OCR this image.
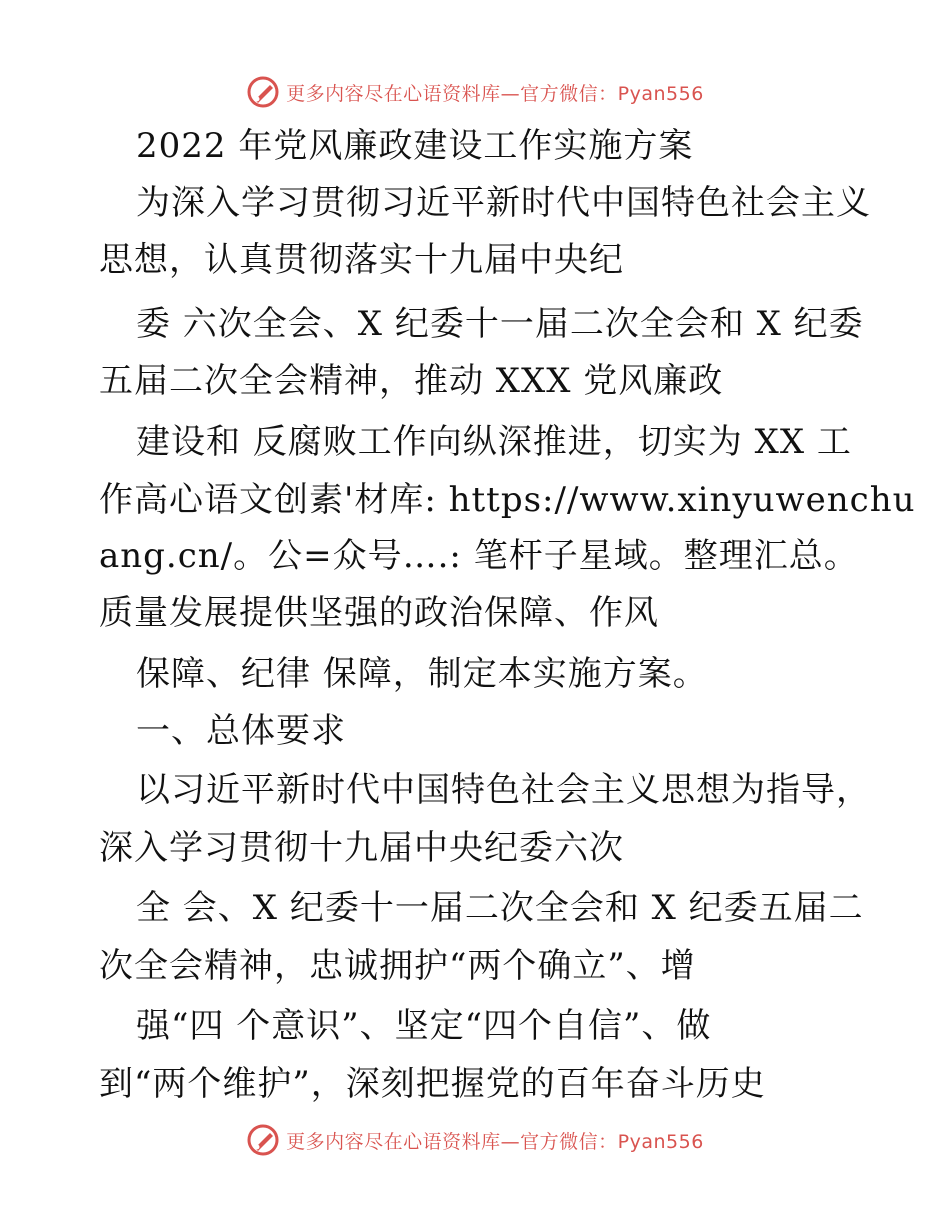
更多内容尽在心语资料库—官方微信：Pyan556
2022 年党风廉政建设工作实施方案
为深入学习贯彻习近平新时代中国特色社会主义
思想，认真贯彻落实十九届中央纪
委 六次全会、X 纪委十一届二次全会和 X 纪委
五届二次全会精神，推动 XXX 党风廉政
建设和 反腐败工作向纵深推进，切实为 XX 工
作高心语文创素'材库: https://www.xinyuwenchu
ang.cn/。公=众号….: 笔杆子星域。整理汇总。
质量发展提供坚强的政治保障、作风
保障、纪律 保障，制定本实施方案。
一、总体要求
以习近平新时代中国特色社会主义思想为指导，
深入学习贯彻十九届中央纪委六次
全 会、X 纪委十一届二次全会和 X 纪委五届二
次全会精神，忠诚拥护“两个确立”、增
强“四 个意识”、坚定“四个自信”、做
到“两个维护”，深刻把握党的百年奋斗历史
更多内容尽在心语资料库—官方微信：Pyan556
